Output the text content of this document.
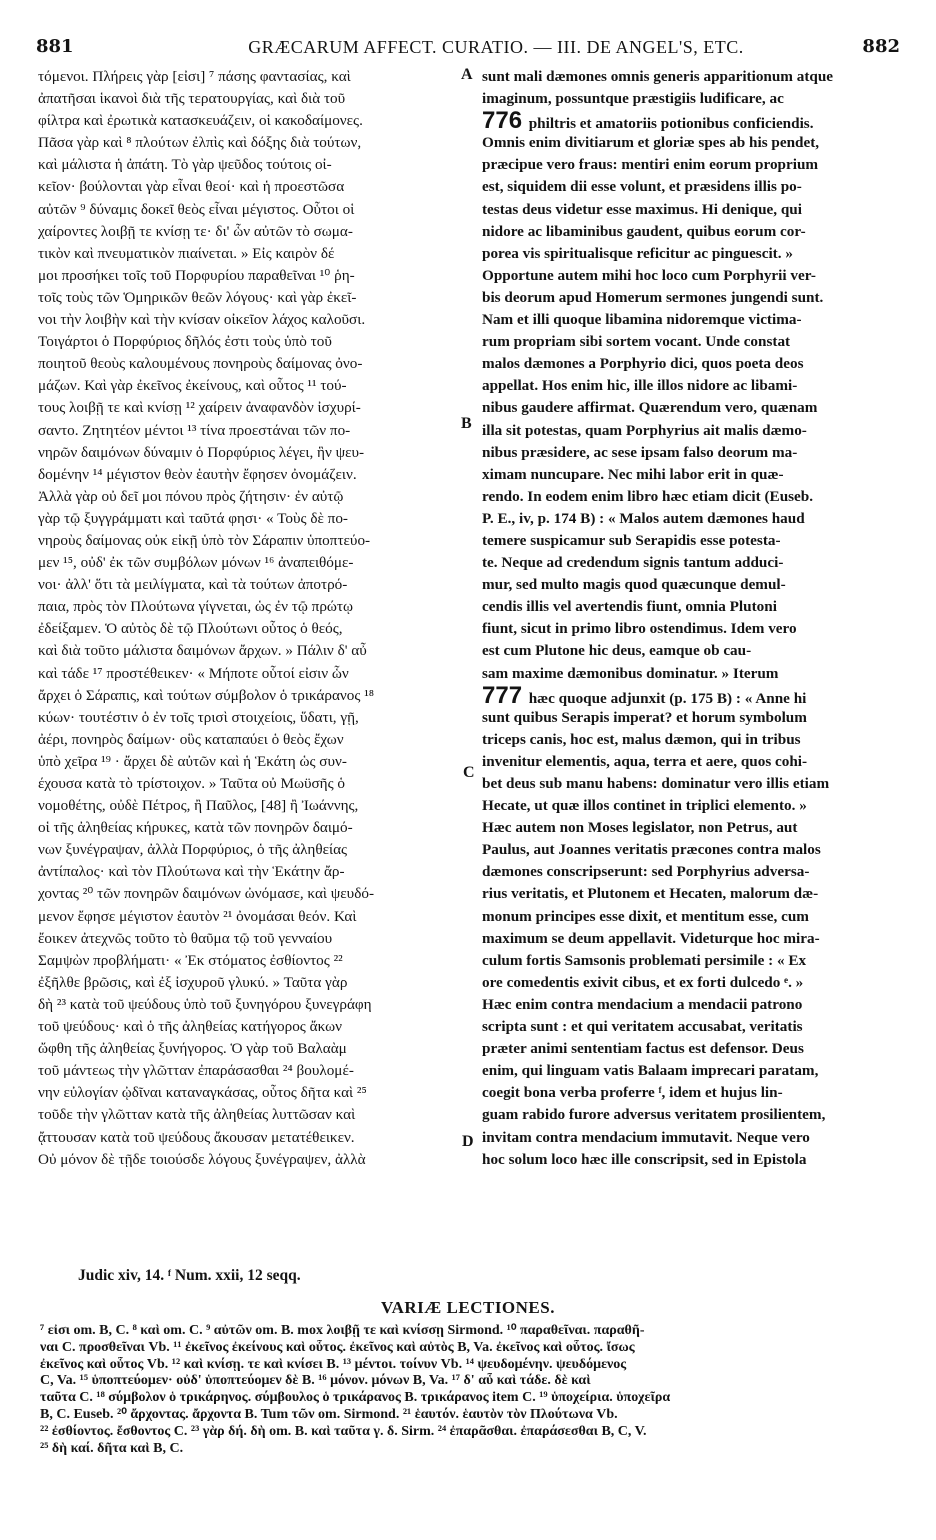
881	GRÆCARUM AFFECT. CURATIO. — III. DE ANGEL'S, ETC.	882
τόμενοι. Πλήρεις γὰρ [εἰσι] ⁷ πάσης φαντασίας, καὶ
ἀπατῆσαι ἱκανοὶ διὰ τῆς τερατουργίας, καὶ διὰ τοῦ
φίλτρα καὶ ἐρωτικὰ κατασκευάζειν, οἱ κακοδαίμονες.
Πᾶσα γὰρ καὶ ⁸ πλούτων ἐλπὶς καὶ δόξης διὰ τούτων,
καὶ μάλιστα ἡ ἀπάτη. Τὸ γὰρ ψεῦδος τούτοις οἰ-
κεῖον· βούλονται γὰρ εἶναι θεοί· καὶ ἡ προεστῶσα
αὐτῶν ⁹ δύναμις δοκεῖ θεὸς εἶναι μέγιστος. Οὗτοι οἱ
χαίροντες λοιβῇ τε κνίσῃ τε· δι' ὧν αὐτῶν τὸ σωμα-
τικὸν καὶ πνευματικὸν πιαίνεται. » Εἰς καιρὸν δέ
μοι προσήκει τοῖς τοῦ Πορφυρίου παραθεῖναι ¹⁰ ῥη-
τοῖς τοὺς τῶν Ὁμηρικῶν θεῶν λόγους· καὶ γὰρ ἐκεῖ-
νοι τὴν λοιβὴν καὶ τὴν κνίσαν οἰκεῖον λάχος καλοῦσι.
Τοιγάρτοι ὁ Πορφύριος δῆλός ἐστι τοὺς ὑπὸ τοῦ
ποιητοῦ θεοὺς καλουμένους πονηροὺς δαίμονας ὀνο-
μάζων. Καὶ γὰρ ἐκεῖνος ἐκείνους, καὶ οὗτος ¹¹ τού-
τους λοιβῇ τε καὶ κνίσῃ ¹² χαίρειν ἀναφανδὸν ἰσχυρί-
σαντο. Ζητητέον μέντοι ¹³ τίνα προεστάναι τῶν πο-
νηρῶν δαιμόνων δύναμιν ὁ Πορφύριος λέγει, ἣν ψευ-
δομένην ¹⁴ μέγιστον θεὸν ἑαυτὴν ἔφησεν ὀνομάζειν.
Ἀλλὰ γὰρ οὐ δεῖ μοι πόνου πρὸς ζήτησιν· ἐν αὐτῷ
γὰρ τῷ ξυγγράμματι καὶ ταῦτά φησι· « Τοὺς δὲ πο-
νηροὺς δαίμονας οὐκ εἰκῇ ὑπὸ τὸν Σάραπιν ὑποπτεύο-
μεν ¹⁵, οὐδ' ἐκ τῶν συμβόλων μόνων ¹⁶ ἀναπειθόμε-
νοι· ἀλλ' ὅτι τὰ μειλίγματα, καὶ τὰ τούτων ἀποτρό-
παια, πρὸς τὸν Πλούτωνα γίγνεται, ὡς ἐν τῷ πρώτῳ
ἐδείξαμεν. Ὁ αὐτὸς δὲ τῷ Πλούτωνι οὗτος ὁ θεός,
καὶ διὰ τοῦτο μάλιστα δαιμόνων ἄρχων. » Πάλιν δ' αὖ
καὶ τάδε ¹⁷ προστέθεικεν· « Μήποτε οὗτοί εἰσιν ὧν
ἄρχει ὁ Σάραπις, καὶ τούτων σύμβολον ὁ τρικάρανος ¹⁸
κύων· τουτέστιν ὁ ἐν τοῖς τρισὶ στοιχείοις, ὕδατι, γῇ,
ἀέρι, πονηρὸς δαίμων· οὓς καταπαύει ὁ θεὸς ἔχων
ὑπὸ χεῖρα ¹⁹ · ἄρχει δὲ αὐτῶν καὶ ἡ Ἑκάτη ὡς συν-
έχουσα κατὰ τὸ τρίστοιχον. » Ταῦτα οὐ Μωϋσῆς ὁ
νομοθέτης, οὐδὲ Πέτρος, ἢ Παῦλος, [48] ἢ Ἰωάννης,
οἱ τῆς ἀληθείας κήρυκες, κατὰ τῶν πονηρῶν δαιμό-
νων ξυνέγραψαν, ἀλλὰ Πορφύριος, ὁ τῆς ἀληθείας
ἀντίπαλος· καὶ τὸν Πλούτωνα καὶ τὴν Ἑκάτην ἄρ-
χοντας ²⁰ τῶν πονηρῶν δαιμόνων ὠνόμασε, καὶ ψευδό-
μενον ἔφησε μέγιστον ἑαυτὸν ²¹ ὀνομάσαι θεόν. Καὶ
ἔοικεν ἀτεχνῶς τοῦτο τὸ θαῦμα τῷ τοῦ γενναίου
Σαμψὼν προβλήματι· « Ἐκ στόματος ἐσθίοντος ²²
ἐξῆλθε βρῶσις, καὶ ἐξ ἰσχυροῦ γλυκύ. » Ταῦτα γὰρ
δὴ ²³ κατὰ τοῦ ψεύδους ὑπὸ τοῦ ξυνηγόρου ξυνεγράφη
τοῦ ψεύδους· καὶ ὁ τῆς ἀληθείας κατήγορος ἄκων
ὤφθη τῆς ἀληθείας ξυνήγορος. Ὁ γὰρ τοῦ Βαλαὰμ
τοῦ μάντεως τὴν γλῶτταν ἐπαράσασθαι ²⁴ βουλομέ-
νην εὐλογίαν ᾠδῖναι καταναγκάσας, οὗτος δῆτα καὶ ²⁵
τοῦδε τὴν γλῶτταν κατὰ τῆς ἀληθείας λυττῶσαν καὶ
ᾄττουσαν κατὰ τοῦ ψεύδους ἄκουσαν μετατέθεικεν.
Οὐ μόνον δὲ τῇδε τοιούσδε λόγους ξυνέγραψεν, ἀλλὰ
sunt mali dæmones omnis generis apparitionum atque
imaginum, possuntque præstigiis ludificare, ac
776 philtris et amatoriis potionibus conficiendis.
Omnis enim divitiarum et gloriæ spes ab his pendet,
præcipue vero fraus: mentiri enim eorum proprium
est, siquidem dii esse volunt, et præsidens illis po-
testas deus videtur esse maximus. Hi denique, qui
nidore ac libaminibus gaudent, quibus eorum cor-
porea vis spiritualisque reficitur ac pinguescit. »
Opportune autem mihi hoc loco cum Porphyrii ver-
bis deorum apud Homerum sermones jungendi sunt.
Nam et illi quoque libamina nidoremque victima-
rum propriam sibi sortem vocant. Unde constat
malos dæmones a Porphyrio dici, quos poeta deos
appellat. Hos enim hic, ille illos nidore ac libami-
nibus gaudere affirmat. Quærendum vero, quænam
illa sit potestas, quam Porphyrius ait malis dæmo-
nibus præsidere, ac sese ipsam falso deorum ma-
ximam nuncupare. Nec mihi labor erit in quæ-
rendo. In eodem enim libro hæc etiam dicit (Euseb.
P. E., iv, p. 174 B) : « Malos autem dæmones haud
temere suspicamur sub Serapidis esse potesta-
te. Neque ad credendum signis tantum adduci-
mur, sed multo magis quod quæcunque demul-
cendis illis vel avertendis fiunt, omnia Plutoni
fiunt, sicut in primo libro ostendimus. Idem vero
est cum Plutone hic deus, eamque ob cau-
sam maxime dæmonibus dominatur. » Iterum
777 hæc quoque adjunxit (p. 175 B) : « Anne hi
sunt quibus Serapis imperat? et horum symbolum
triceps canis, hoc est, malus dæmon, qui in tribus
invenitur elementis, aqua, terra et aere, quos cohi-
bet deus sub manu habens: dominatur vero illis etiam
Hecate, ut quæ illos continet in triplici elemento. »
Hæc autem non Moses legislator, non Petrus, aut
Paulus, aut Joannes veritatis præcones contra malos
dæmones conscripserunt: sed Porphyrius adversa-
rius veritatis, et Plutonem et Hecaten, malorum dæ-
monum principes esse dixit, et mentitum esse, cum
maximum se deum appellavit. Videturque hoc mira-
culum fortis Samsonis problemati persimile : « Ex
ore comedentis exivit cibus, et ex forti dulcedo ᵉ. »
Hæc enim contra mendacium a mendacii patrono
scripta sunt : et qui veritatem accusabat, veritatis
præter animi sententiam factus est defensor. Deus
enim, qui linguam vatis Balaam imprecari paratam,
coegit bona verba proferre ᶠ, idem et hujus lin-
guam rabido furore adversus veritatem prosilientem,
invitam contra mendacium immutavit. Neque vero
hoc solum loco hæc ille conscripsit, sed in Epistola
A
B
C
D
Judic xiv, 14. ᶠ Num. xxii, 12 seqq.
VARIÆ LECTIONES.
⁷ εἰσι om. B, C. ⁸ καὶ om. C. ⁹ αὐτῶν om. B. mox λοιβῇ τε καὶ κνίσσῃ Sirmond. ¹⁰ παραθεῖναι. παραθῆ-
ναι C. προσθεῖναι Vb. ¹¹ ἐκεῖνος ἐκείνους καὶ οὗτος. ἐκεῖνος καὶ αὐτὸς B, Va. ἐκεῖνος καὶ οὗτος. ἴσως
ἐκεῖνος καὶ οὗτος Vb. ¹² καὶ κνίσῃ. τε καὶ κνίσει B. ¹³ μέντοι. τοίνυν Vb. ¹⁴ ψευδομένην. ψευδόμενος
C, Va. ¹⁵ ὑποπτεύομεν· οὐδ' ὑποπτεύομεν δὲ B. ¹⁶ μόνον. μόνων B, Va. ¹⁷ δ' αὖ καὶ τάδε. δὲ καὶ
ταῦτα C. ¹⁸ σύμβολον ὁ τρικάρηνος. σύμβουλος ὁ τρικάρανος B. τρικάρανος item C. ¹⁹ ὑποχείρια. ὑποχεῖρα
B, C. Euseb. ²⁰ ἄρχοντας. ἄρχοντα B. Tum τῶν om. Sirmond. ²¹ ἑαυτόν. ἑαυτὸν τὸν Πλούτωνα Vb.
²² ἐσθίοντος. ἔσθοντος C. ²³ γὰρ δή. δὴ om. B. καὶ ταῦτα γ. δ. Sirm. ²⁴ ἐπαρᾶσθαι. ἐπαράσεσθαι B, C, V.
²⁵ δὴ καί. δῆτα καὶ B, C.
